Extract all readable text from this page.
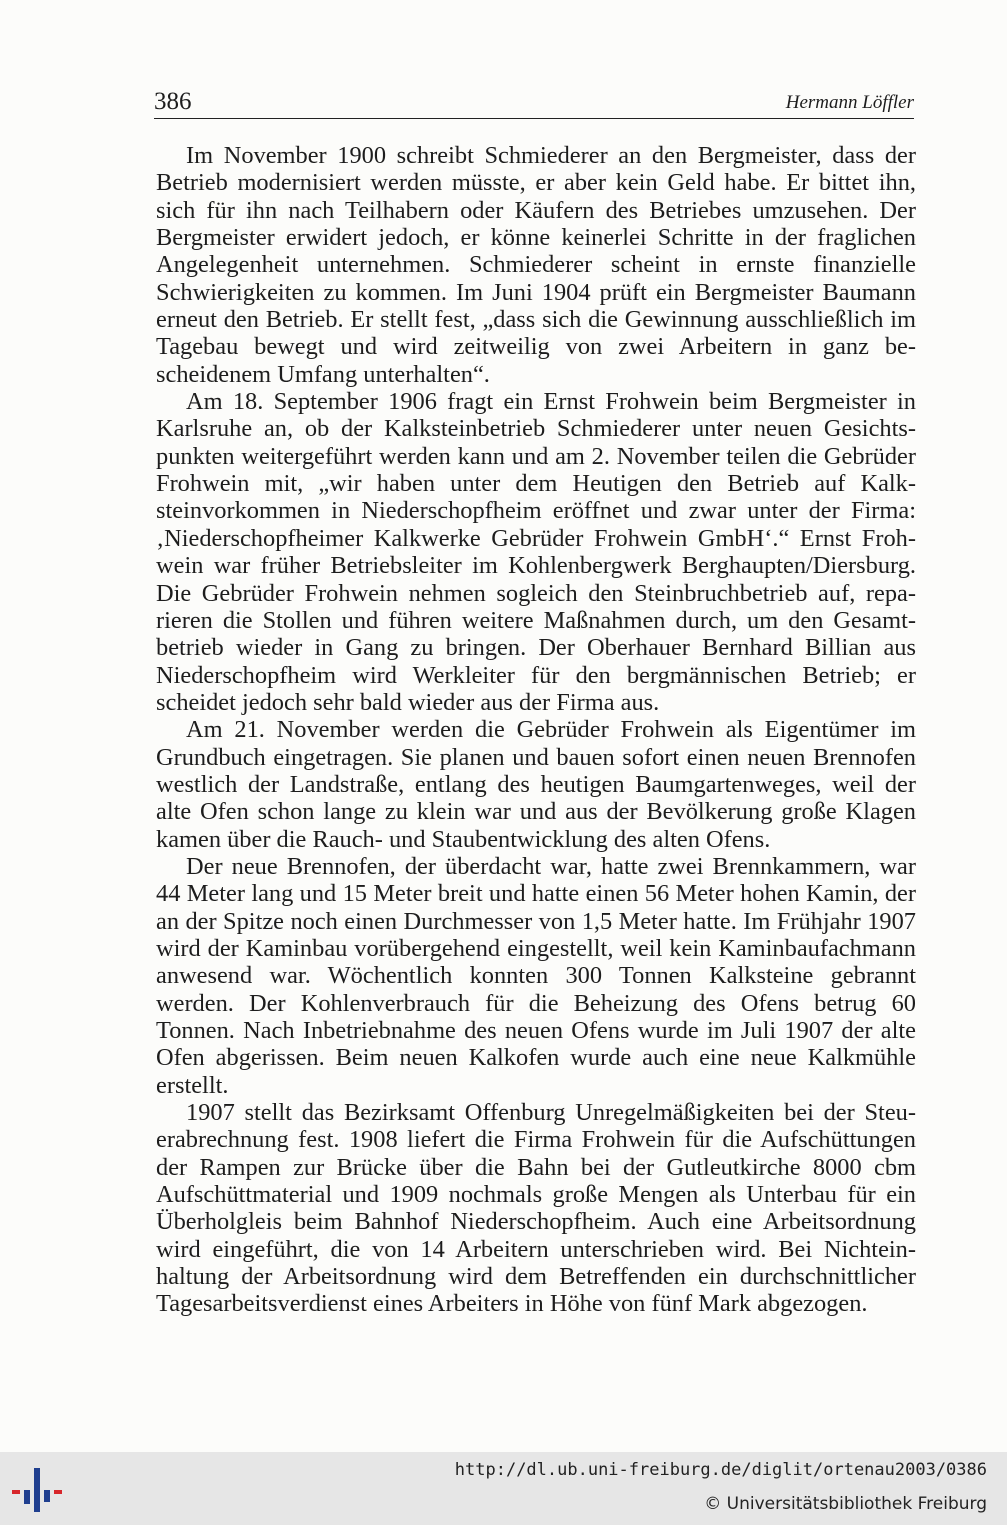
386	Hermann Löffler

Im November 1900 schreibt Schmiederer an den Bergmeister, dass der Betrieb modernisiert werden müsste, er aber kein Geld habe. Er bittet ihn, sich für ihn nach Teilhabern oder Käufern des Betriebes umzusehen. Der Bergmeister erwidert jedoch, er könne keinerlei Schritte in der fraglichen Angelegenheit unternehmen. Schmiederer scheint in ernste finanzielle Schwierigkeiten zu kommen. Im Juni 1904 prüft ein Bergmeister Baumann erneut den Betrieb. Er stellt fest, „dass sich die Gewinnung ausschließlich im Tagebau bewegt und wird zeitweilig von zwei Arbeitern in ganz bescheidenem Umfang unterhalten“.

Am 18. September 1906 fragt ein Ernst Frohwein beim Bergmeister in Karlsruhe an, ob der Kalksteinbetrieb Schmiederer unter neuen Gesichtspunkten weitergeführt werden kann und am 2. November teilen die Gebrüder Frohwein mit, „wir haben unter dem Heutigen den Betrieb auf Kalksteinvorkommen in Niederschopfheim eröffnet und zwar unter der Firma: ‚Niederschopfheimer Kalkwerke Gebrüder Frohwein GmbH‘.“ Ernst Frohwein war früher Betriebsleiter im Kohlenbergwerk Berghaupten/Diersburg. Die Gebrüder Frohwein nehmen sogleich den Steinbruchbetrieb auf, reparieren die Stollen und führen weitere Maßnahmen durch, um den Gesamtbetrieb wieder in Gang zu bringen. Der Oberhauer Bernhard Billian aus Niederschopfheim wird Werkleiter für den bergmännischen Betrieb; er scheidet jedoch sehr bald wieder aus der Firma aus.

Am 21. November werden die Gebrüder Frohwein als Eigentümer im Grundbuch eingetragen. Sie planen und bauen sofort einen neuen Brennofen westlich der Landstraße, entlang des heutigen Baumgartenweges, weil der alte Ofen schon lange zu klein war und aus der Bevölkerung große Klagen kamen über die Rauch- und Staubentwicklung des alten Ofens.

Der neue Brennofen, der überdacht war, hatte zwei Brennkammern, war 44 Meter lang und 15 Meter breit und hatte einen 56 Meter hohen Kamin, der an der Spitze noch einen Durchmesser von 1,5 Meter hatte. Im Frühjahr 1907 wird der Kaminbau vorübergehend eingestellt, weil kein Kaminbaufachmann anwesend war. Wöchentlich konnten 300 Tonnen Kalksteine gebrannt werden. Der Kohlenverbrauch für die Beheizung des Ofens betrug 60 Tonnen. Nach Inbetriebnahme des neuen Ofens wurde im Juli 1907 der alte Ofen abgerissen. Beim neuen Kalkofen wurde auch eine neue Kalkmühle erstellt.

1907 stellt das Bezirksamt Offenburg Unregelmäßigkeiten bei der Steuerabrechnung fest. 1908 liefert die Firma Frohwein für die Aufschüttungen der Rampen zur Brücke über die Bahn bei der Gutleutkirche 8000 cbm Aufschüttmaterial und 1909 nochmals große Mengen als Unterbau für ein Überholgleis beim Bahnhof Niederschopfheim. Auch eine Arbeitsordnung wird eingeführt, die von 14 Arbeitern unterschrieben wird. Bei Nichteinhaltung der Arbeitsordnung wird dem Betreffenden ein durchschnittlicher Tagesarbeitsverdienst eines Arbeiters in Höhe von fünf Mark abgezogen.

http://dl.ub.uni-freiburg.de/diglit/ortenau2003/0386
© Universitätsbibliothek Freiburg
